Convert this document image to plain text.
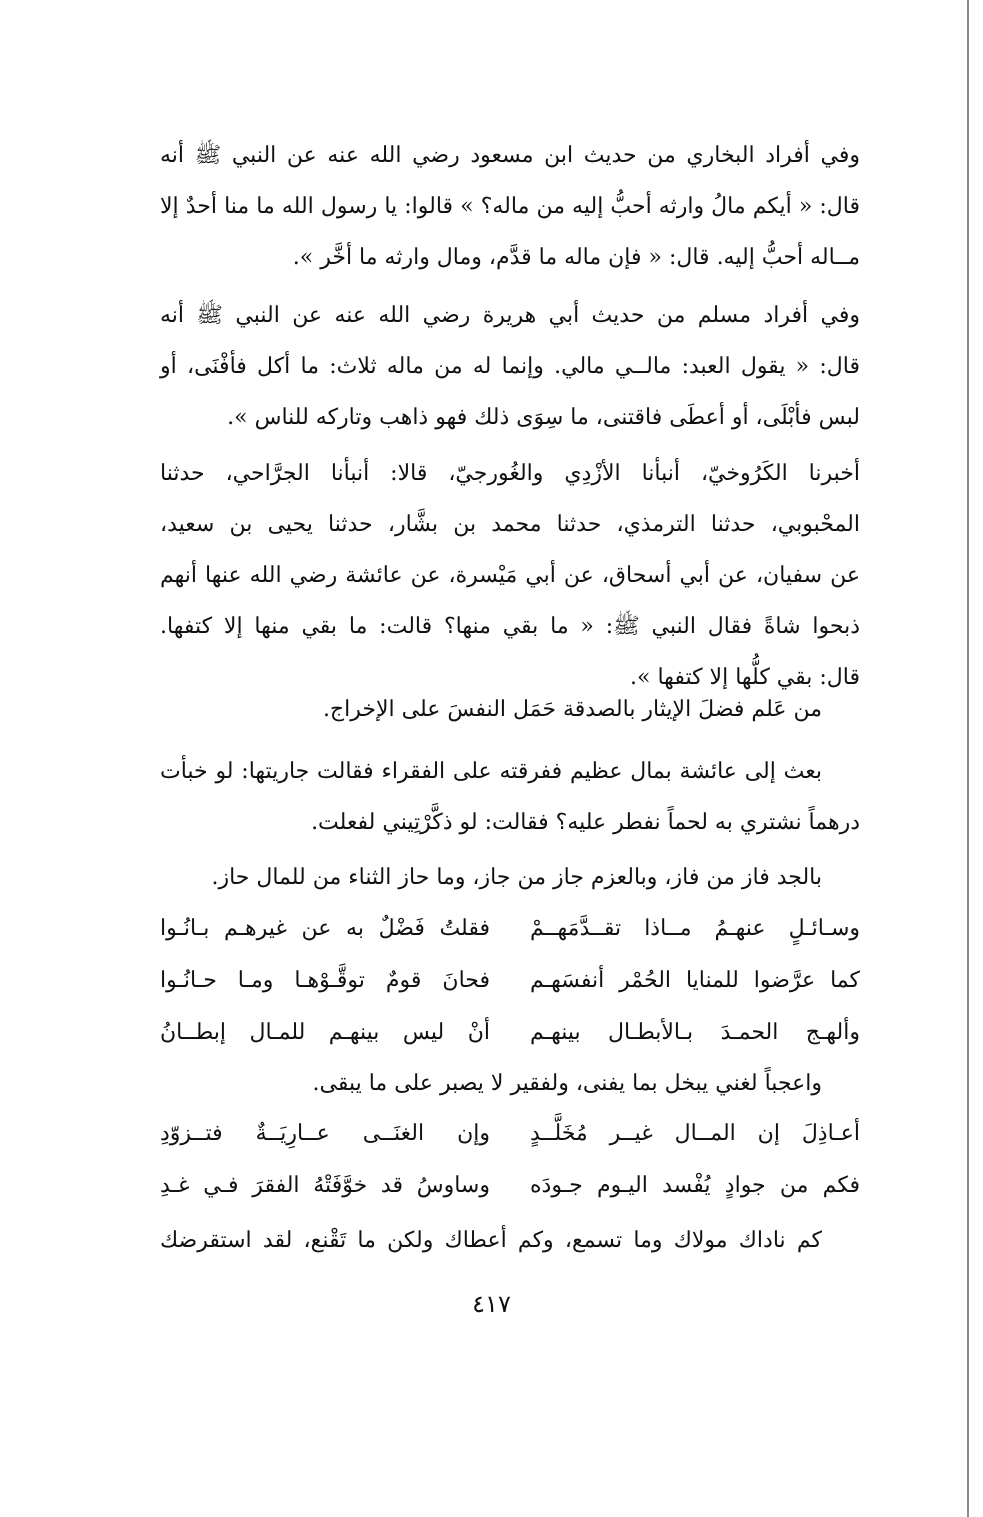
وفي أفراد البخاري من حديث ابن مسعود رضي الله عنه عن النبي ﷺ أنه
قال: « أيكم مالُ وارثه أحبُّ إليه من ماله؟ » قالوا: يا رسول الله ما منا أحدٌ إلا
مــاله أحبُّ إليه. قال: « فإن ماله ما قدَّم، ومال وارثه ما أخَّر ».

وفي أفراد مسلم من حديث أبي هريرة رضي الله عنه عن النبي ﷺ أنه
قال: « يقول العبد: مالــي مالي. وإنما له من ماله ثلاث: ما أكل فأفْنَى، أو
لبس فأبْلَى، أو أعطَى فاقتنى، ما سِوَى ذلك فهو ذاهب وتاركه للناس ».

أخبرنا الكَرُوخيّ، أنبأنا الأزْدِي والغُورجيّ، قالا: أنبأنا الجرَّاحي، حدثنا
المحْبوبي، حدثنا الترمذي، حدثنا محمد بن بشَّار، حدثنا يحيى بن سعيد،
عن سفيان، عن أبي أسحاق، عن أبي مَيْسرة، عن عائشة رضي الله عنها أنهم
ذبحوا شاةً فقال النبي ﷺ: « ما بقي منها؟ قالت: ما بقي منها إلا كتفها.
قال: بقي كلُّها إلا كتفها ».

من عَلم فضلَ الإيثار بالصدقة حَمَل النفسَ على الإخراج.

بعث إلى عائشة بمال عظيم ففرقته على الفقراء فقالت جاريتها: لو خبأت
درهماً نشتري به لحماً نفطر عليه؟ فقالت: لو ذكَّرْتِيني لفعلت.

بالجد فاز من فاز، وبالعزم جاز من جاز، وما حاز الثناء من للمال حاز.

وسـائـلٍ عنهـمُ مــاذا تقــدَّمَهــمْ
فقلتُ فَضْلٌ به عن غيرهـم بـانُـوا
كما عرَّضوا للمنايا الحُمْر أنفسَهـم
فحانَ قومٌ توقَّـوْهـا ومـا حـانُـوا
وألهـج الحمـدَ بـالأبطـال بينهـم
أنْ ليس بينهـم للمـال إبطــانُ

واعجباً لغني يبخل بما يفنى، ولفقير لا يصبر على ما يبقى.

أعـاذِلَ إن المــال غيــر مُخَلَّــدٍ
وإن الغنَــى عــارِيَــةٌ فتــزوّدِ
فكم من جوادٍ يُفْسد اليـوم جـودَه
وساوسُ قد خوَّفَتْهُ الفقرَ فـي غـدِ

كم ناداك مولاك وما تسمع، وكم أعطاك ولكن ما تَقْنع، لقد استقرضك

٤١٧
